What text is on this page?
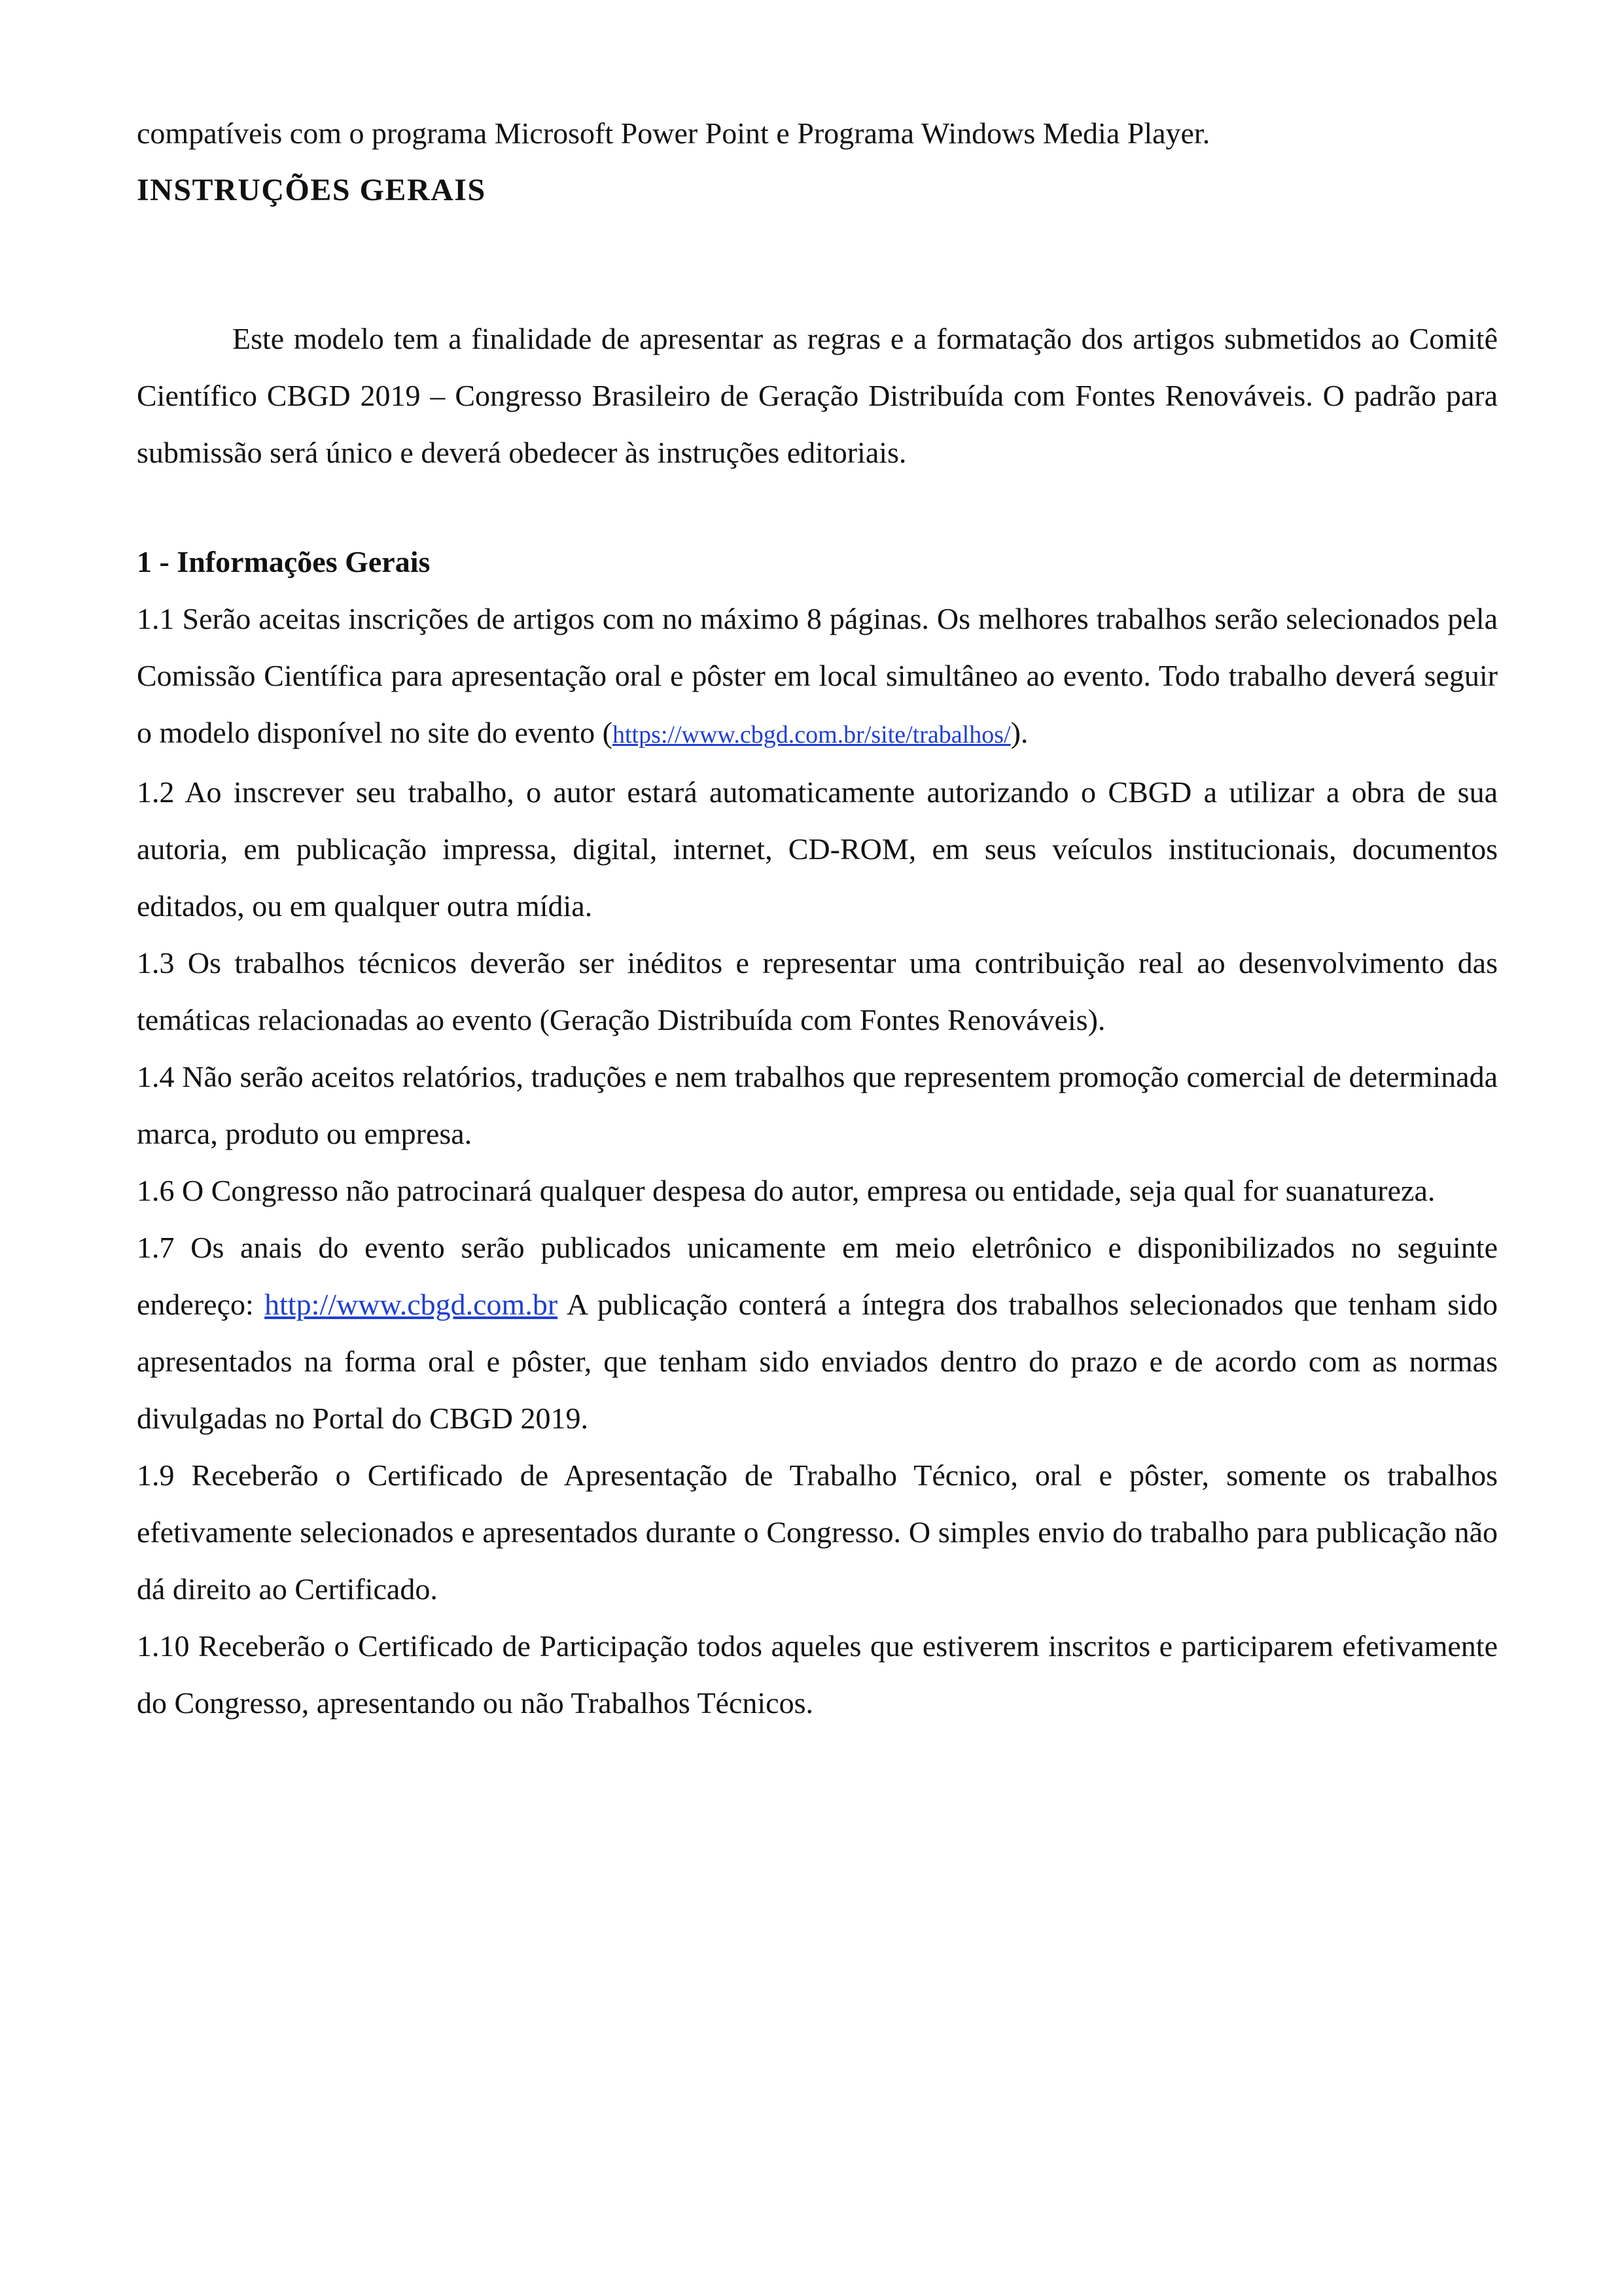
compatíveis com o programa Microsoft Power Point e Programa Windows Media Player.

INSTRUÇÕES GERAIS

Este modelo tem a finalidade de apresentar as regras e a formatação dos artigos submetidos ao Comitê Científico CBGD 2019 – Congresso Brasileiro de Geração Distribuída com Fontes Renováveis. O padrão para submissão será único e deverá obedecer às instruções editoriais.

1 - Informações Gerais

1.1 Serão aceitas inscrições de artigos com no máximo 8 páginas. Os melhores trabalhos serão selecionados pela Comissão Científica para apresentação oral e pôster em local simultâneo ao evento. Todo trabalho deverá seguir o modelo disponível no site do evento (https://www.cbgd.com.br/site/trabalhos/).

1.2 Ao inscrever seu trabalho, o autor estará automaticamente autorizando o CBGD a utilizar a obra de sua autoria, em publicação impressa, digital, internet, CD-ROM, em seus veículos institucionais, documentos editados, ou em qualquer outra mídia.

1.3 Os trabalhos técnicos deverão ser inéditos e representar uma contribuição real ao desenvolvimento das temáticas relacionadas ao evento (Geração Distribuída com Fontes Renováveis).

1.4 Não serão aceitos relatórios, traduções e nem trabalhos que representem promoção comercial de determinada marca, produto ou empresa.

1.6 O Congresso não patrocinará qualquer despesa do autor, empresa ou entidade, seja qual for suanatureza.

1.7 Os anais do evento serão publicados unicamente em meio eletrônico e disponibilizados no seguinte endereço: http://www.cbgd.com.br A publicação conterá a íntegra dos trabalhos selecionados que tenham sido apresentados na forma oral e pôster, que tenham sido enviados dentro do prazo e de acordo com as normas divulgadas no Portal do CBGD 2019.

1.9 Receberão o Certificado de Apresentação de Trabalho Técnico, oral e pôster, somente os trabalhos efetivamente selecionados e apresentados durante o Congresso. O simples envio do trabalho para publicação não dá direito ao Certificado.

1.10 Receberão o Certificado de Participação todos aqueles que estiverem inscritos e participarem efetivamente do Congresso, apresentando ou não Trabalhos Técnicos.
